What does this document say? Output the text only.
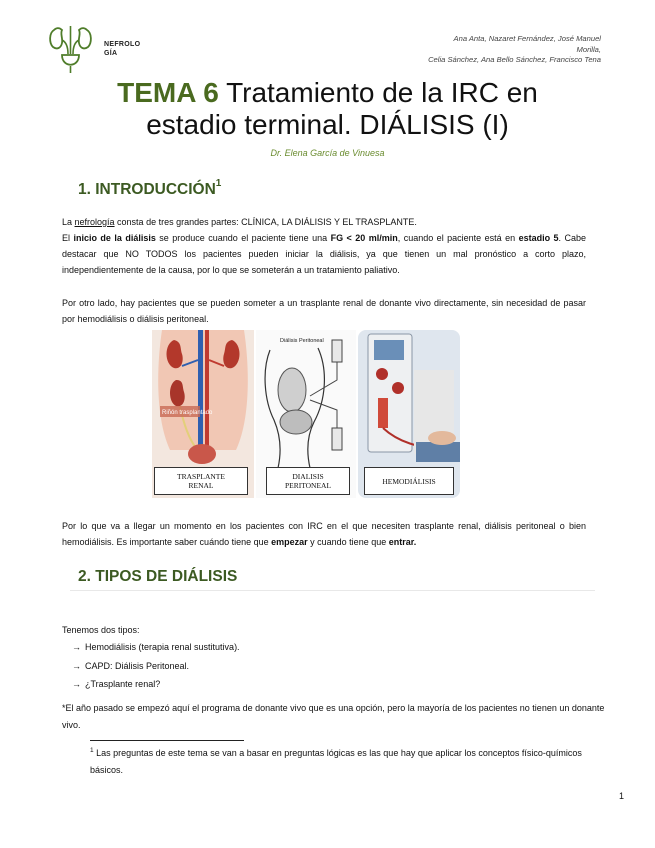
NEFROLO
GÍA
Ana Anta, Nazaret Fernández, José Manuel
Morilla,
Celia Sánchez, Ana Bello Sánchez, Francisco Tena
TEMA 6 Tratamiento de la IRC en
estadio terminal. DIÁLISIS (I)
Dr. Elena García de Vinuesa
1. INTRODUCCIÓN$^1$
La nefrología consta de tres grandes partes: CLÍNICA, LA DIÁLISIS Y EL TRASPLANTE.
El inicio de la diálisis se produce cuando el paciente tiene una FG < 20 ml/min, cuando el paciente está en estadio 5. Cabe destacar que NO TODOS los pacientes pueden iniciar la diálisis, ya que tienen un mal pronóstico a corto plazo, independientemente de la causa, por lo que se someterán a un tratamiento paliativo.
Por otro lado, hay pacientes que se pueden someter a un trasplante renal de donante vivo directamente, sin necesidad de pasar por hemodiálisis o diálisis peritoneal.
Riñón trasplantado
TRASPLANTE
RENAL
Diálisis Peritoneal
DIALISIS
PERITONEAL	HEMODIÁLISIS
Por lo que va a llegar un momento en los pacientes con IRC en el que necesiten trasplante renal, diálisis peritoneal o bien hemodiálisis. Es importante saber cuándo tiene que empezar y cuando tiene que entrar.
2. TIPOS DE DIÁLISIS
Tenemos dos tipos:
→ Hemodiálisis (terapia renal sustitutiva).
→ CAPD: Diálisis Peritoneal.
→ ¿Trasplante renal?
*El año pasado se empezó aquí el programa de donante vivo que es una opción, pero la mayoría de los pacientes no tienen un donante vivo.
$^1$ Las preguntas de este tema se van a basar en preguntas lógicas es las que hay que aplicar los conceptos físico-químicos básicos.
1
